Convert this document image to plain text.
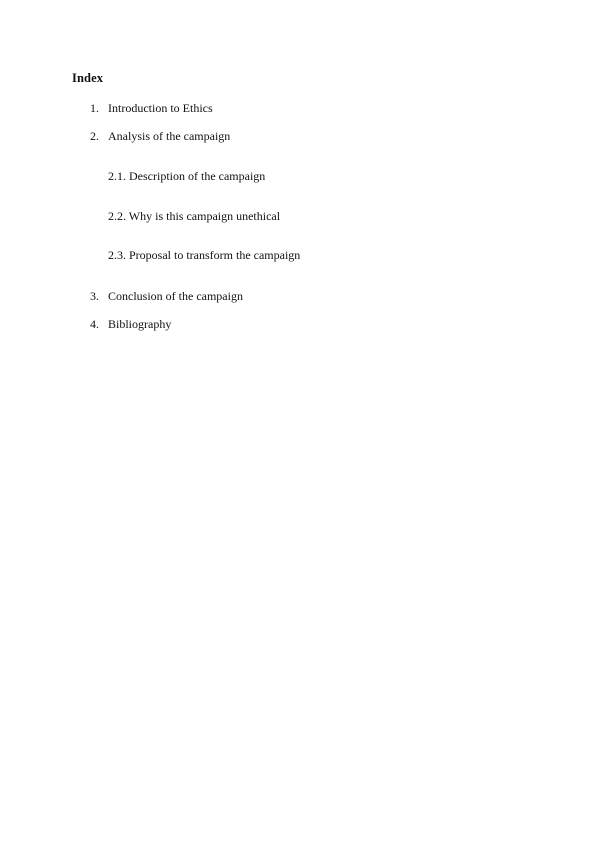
Index
1. Introduction to Ethics
2. Analysis of the campaign
2.1. Description of the campaign
2.2. Why is this campaign unethical
2.3. Proposal to transform the campaign
3. Conclusion of the campaign
4. Bibliography
